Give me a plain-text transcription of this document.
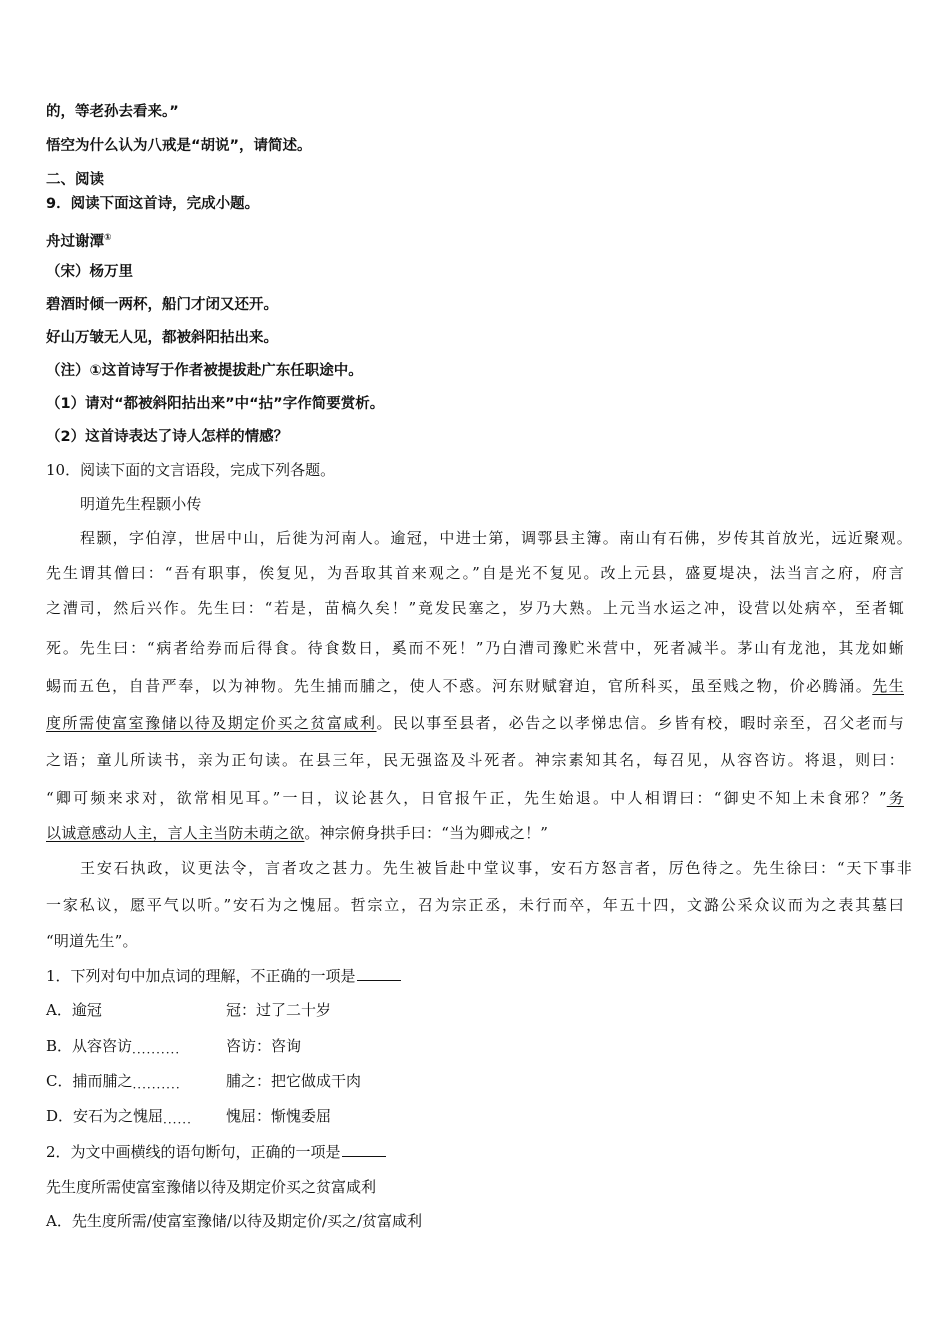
的，等老孙去看来。”
悟空为什么认为八戒是“胡说”，请简述。
二、阅读
9．阅读下面这首诗，完成小题。
舟过谢潭①
（宋）杨万里
碧酒时倾一两杯，船门才闭又还开。
好山万皱无人见，都被斜阳拈出来。
（注）①这首诗写于作者被提拔赴广东任职途中。
（1）请对“都被斜阳拈出来”中“拈”字作简要赏析。
（2）这首诗表达了诗人怎样的情感？
10．阅读下面的文言语段，完成下列各题。
明道先生程颢小传
程颢，字伯淳，世居中山，后徙为河南人。逾冠，中进士第，调鄠县主簿。南山有石佛，岁传其首放光，远近聚观。
先生谓其僧曰：“吾有职事，俟复见，为吾取其首来观之。”自是光不复见。改上元县，盛夏堤决，法当言之府，府言
之漕司，然后兴作。先生曰：“若是，苗槁久矣！”竟发民塞之，岁乃大熟。上元当水运之冲，设营以处病卒，至者辄
死。先生曰：“病者给券而后得食。待食数日，奚而不死！”乃白漕司豫贮米营中，死者减半。茅山有龙池，其龙如蜥
蜴而五色，自昔严奉，以为神物。先生捕而脯之，使人不惑。河东财赋窘迫，官所科买，虽至贱之物，价必腾涌。先生
度所需使富室豫储以待及期定价买之贫富咸利。民以事至县者，必告之以孝悌忠信。乡皆有校，暇时亲至，召父老而与
之语；童儿所读书，亲为正句读。在县三年，民无强盗及斗死者。神宗素知其名，每召见，从容咨访。将退，则曰：
“卿可频来求对，欲常相见耳。”一日，议论甚久，日官报午正，先生始退。中人相谓曰：“御史不知上未食邪？”务
以诚意感动人主，言人主当防未萌之欲。神宗俯身拱手曰：“当为卿戒之！”
王安石执政，议更法令，言者攻之甚力。先生被旨赴中堂议事，安石方怒言者，厉色待之。先生徐曰：“天下事非
一家私议，愿平气以听。”安石为之愧屈。哲宗立，召为宗正丞，未行而卒，年五十四，文潞公采众议而为之表其墓曰
“明道先生”。
1．下列对句中加点词的理解，不正确的一项是
A．逾冠	冠：过了二十岁
B．从容咨访··········	咨访：咨询
C．捕而脯之··········	脯之：把它做成干肉
D．安石为之愧屈······ 愧屈：惭愧委屈
2．为文中画横线的语句断句，正确的一项是
先生度所需使富室豫储以待及期定价买之贫富咸利
A．先生度所需/使富室豫储/以待及期定价/买之/贫富咸利
